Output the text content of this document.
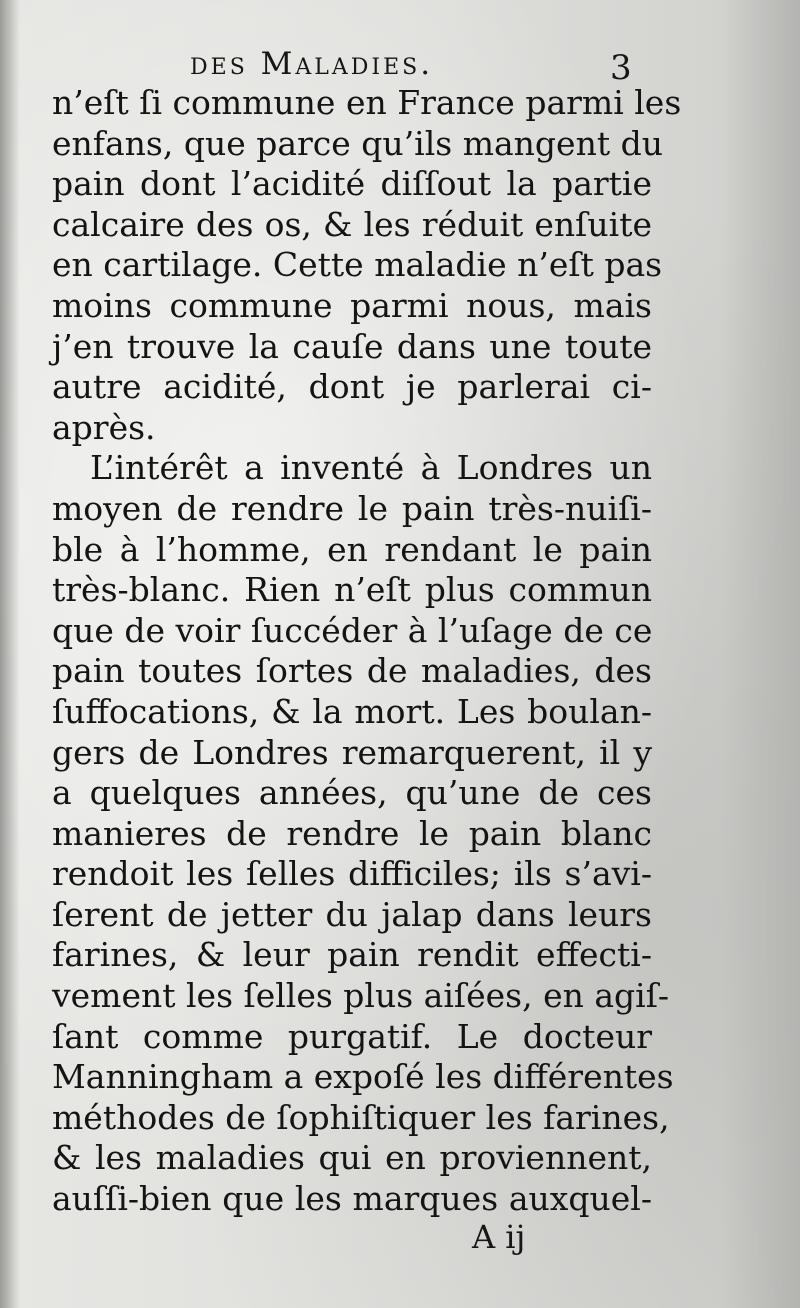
des Maladies.	3
n’eſt ſi commune en France parmi les
enfans, que parce qu’ils mangent du
pain dont l’acidité diſſout la partie
calcaire des os, & les réduit enſuite
en cartilage. Cette maladie n’eſt pas
moins commune parmi nous, mais
j’en trouve la cauſe dans une toute
autre acidité, dont je parlerai ci-
après.
L’intérêt a inventé à Londres un
moyen de rendre le pain très-nuiſi-
ble à l’homme, en rendant le pain
très-blanc. Rien n’eſt plus commun
que de voir ſuccéder à l’uſage de ce
pain toutes ſortes de maladies, des
ſuffocations, & la mort. Les boulan-
gers de Londres remarquerent, il y
a quelques années, qu’une de ces
manieres de rendre le pain blanc
rendoit les ſelles difficiles; ils s’avi-
ſerent de jetter du jalap dans leurs
farines, & leur pain rendit effecti-
vement les ſelles plus aiſées, en agiſ-
ſant comme purgatif. Le docteur
Manningham a expoſé les différentes
méthodes de ſophiſtiquer les farines,
& les maladies qui en proviennent,
auſſi-bien que les marques auxquel-
A ij
